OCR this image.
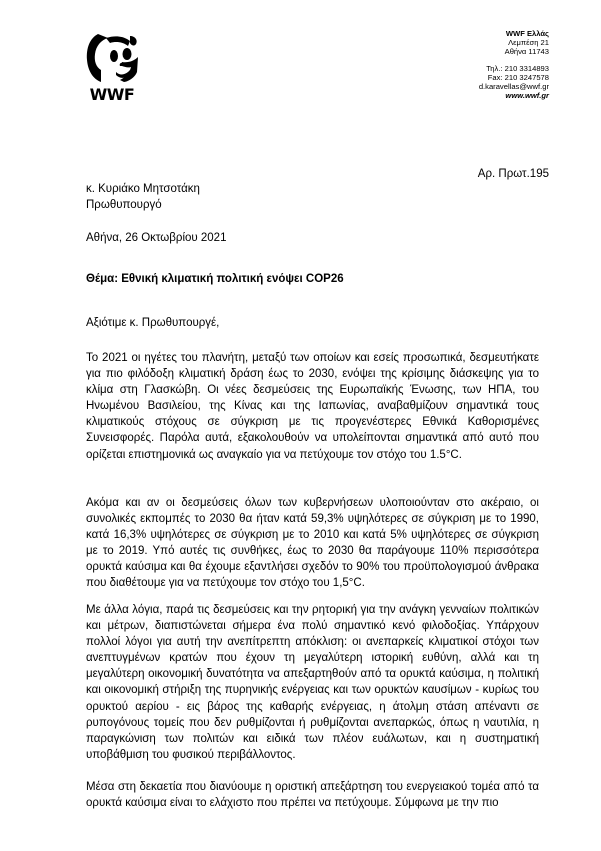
WWF
WWF Ελλάς
Λεμπέση 21
Αθήνα 11743
Τηλ.: 210 3314893
Fax: 210 3247578
d.karavellas@wwf.gr
www.wwf.gr
Αρ. Πρωτ.195
κ. Κυριάκο Μητσοτάκη
Πρωθυπουργό
Αθήνα, 26 Οκτωβρίου 2021
Θέμα: Εθνική κλιματική πολιτική ενόψει COP26
Αξιότιμε κ. Πρωθυπουργέ,

Το 2021 οι ηγέτες του πλανήτη, μεταξύ των οποίων και εσείς προσωπικά, δεσμευτήκατε για πιο φιλόδοξη κλιματική δράση έως το 2030, ενόψει της κρίσιμης διάσκεψης για το κλίμα στη Γλασκώβη. Οι νέες δεσμεύσεις της Ευρωπαϊκής Ένωσης, των ΗΠΑ, του Ηνωμένου Βασιλείου, της Κίνας και της Ιαπωνίας, αναβαθμίζουν σημαντικά τους κλιματικούς στόχους σε σύγκριση με τις προγενέστερες Εθνικά Καθορισμένες Συνεισφορές. Παρόλα αυτά, εξακολουθούν να υπολείπονται σημαντικά από αυτό που ορίζεται επιστημονικά ως αναγκαίο για να πετύχουμε τον στόχο του 1.5°C.

Ακόμα και αν οι δεσμεύσεις όλων των κυβερνήσεων υλοποιούνταν στο ακέραιο, οι συνολικές εκπομπές το 2030 θα ήταν κατά 59,3% υψηλότερες σε σύγκριση με το 1990, κατά 16,3% υψηλότερες σε σύγκριση με το 2010 και κατά 5% υψηλότερες σε σύγκριση με το 2019. Υπό αυτές τις συνθήκες, έως το 2030 θα παράγουμε 110% περισσότερα ορυκτά καύσιμα και θα έχουμε εξαντλήσει σχεδόν το 90% του προϋπολογισμού άνθρακα που διαθέτουμε για να πετύχουμε τον στόχο του 1,5°C.

Με άλλα λόγια, παρά τις δεσμεύσεις και την ρητορική για την ανάγκη γενναίων πολιτικών και μέτρων, διαπιστώνεται σήμερα ένα πολύ σημαντικό κενό φιλοδοξίας. Υπάρχουν πολλοί λόγοι για αυτή την ανεπίτρεπτη απόκλιση: οι ανεπαρκείς κλιματικοί στόχοι των ανεπτυγμένων κρατών που έχουν τη μεγαλύτερη ιστορική ευθύνη, αλλά και τη μεγαλύτερη οικονομική δυνατότητα να απεξαρτηθούν από τα ορυκτά καύσιμα, η πολιτική και οικονομική στήριξη της πυρηνικής ενέργειας και των ορυκτών καυσίμων - κυρίως του ορυκτού αερίου - εις βάρος της καθαρής ενέργειας, η άτολμη στάση απέναντι σε ρυπογόνους τομείς που δεν ρυθμίζονται ή ρυθμίζονται ανεπαρκώς, όπως η ναυτιλία, η παραγκώνιση των πολιτών και ειδικά των πλέον ευάλωτων, και η συστηματική υποβάθμιση του φυσικού περιβάλλοντος.

Μέσα στη δεκαετία που διανύουμε η οριστική απεξάρτηση του ενεργειακού τομέα από τα ορυκτά καύσιμα είναι το ελάχιστο που πρέπει να πετύχουμε. Σύμφωνα με την πιο
